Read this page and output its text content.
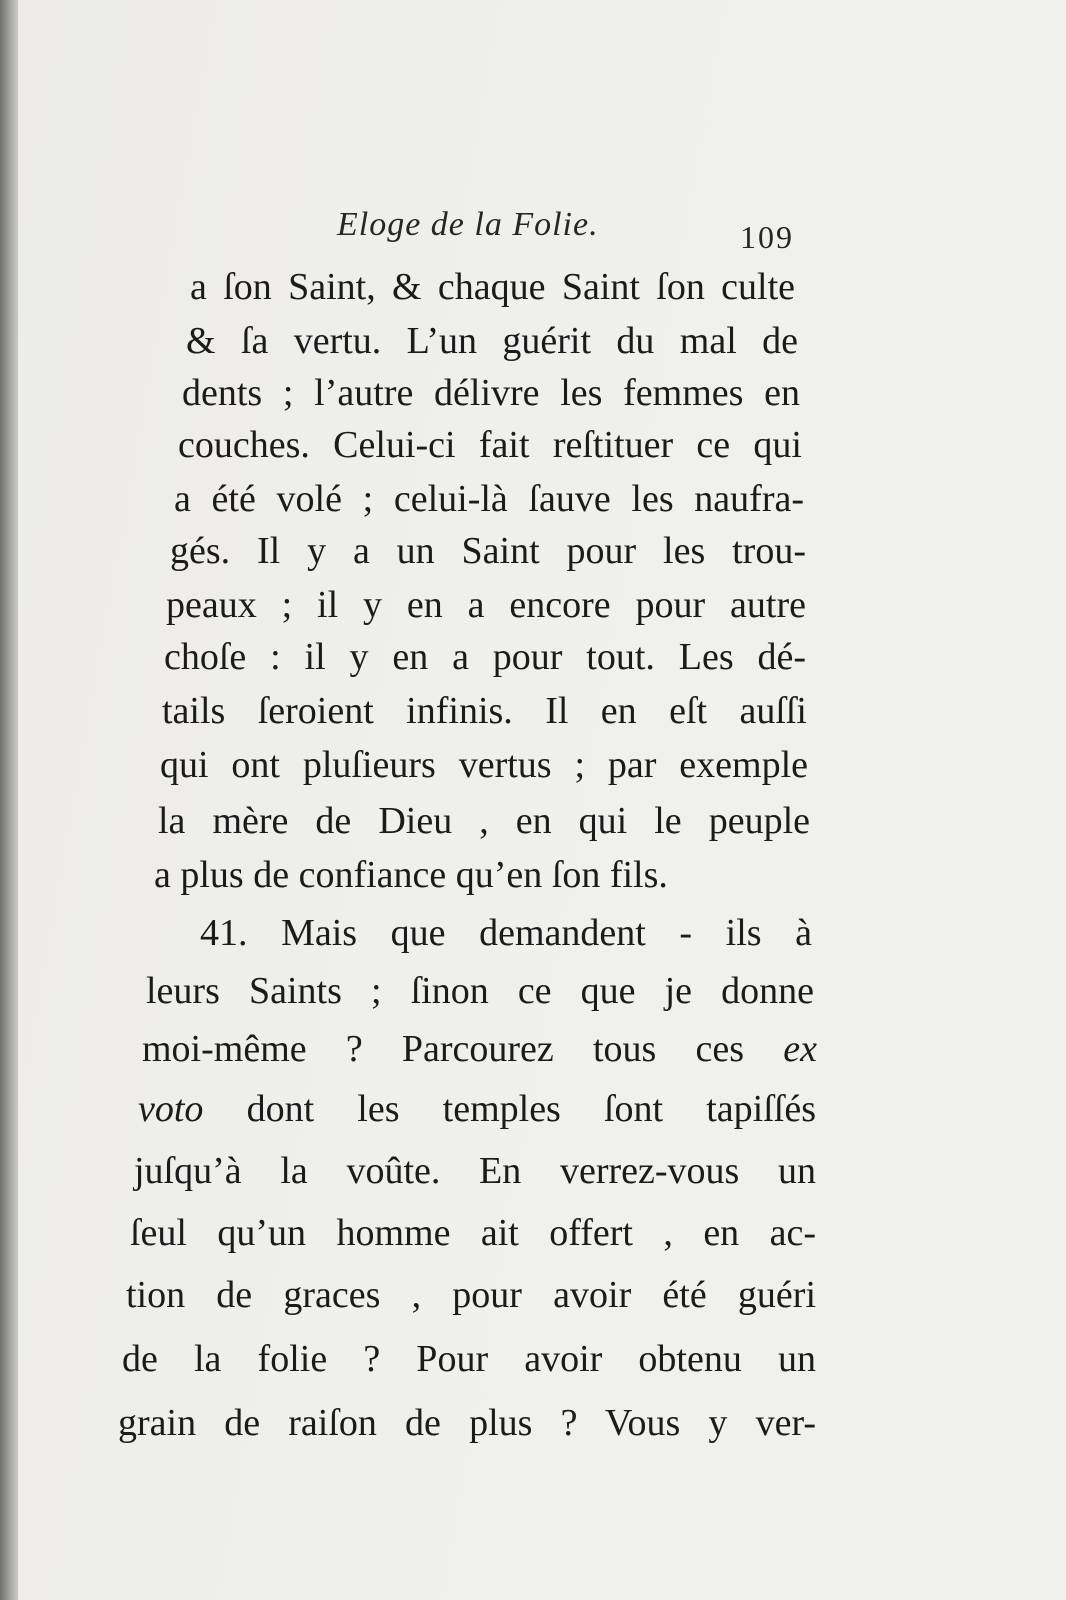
Eloge de la Folie.	109
a ſon Saint, & chaque Saint ſon culte
& ſa vertu. L’un guérit du mal de
dents ; l’autre délivre les femmes en
couches. Celui-ci fait reſtituer ce qui
a été volé ; celui-là ſauve les naufra-
gés. Il y a un Saint pour les trou-
peaux ; il y en a encore pour autre
choſe : il y en a pour tout. Les dé-
tails ſeroient infinis. Il en eſt auſſi
qui ont pluſieurs vertus ; par exemple
la mère de Dieu , en qui le peuple
a plus de confiance qu’en ſon fils.
41. Mais que demandent - ils à
leurs Saints ; ſinon ce que je donne
moi-même ? Parcourez tous ces ex
voto dont les temples ſont tapiſſés
juſqu’à la voûte. En verrez-vous un
ſeul qu’un homme ait offert , en ac-
tion de graces , pour avoir été guéri
de la folie ? Pour avoir obtenu un
grain de raiſon de plus ? Vous y ver-
